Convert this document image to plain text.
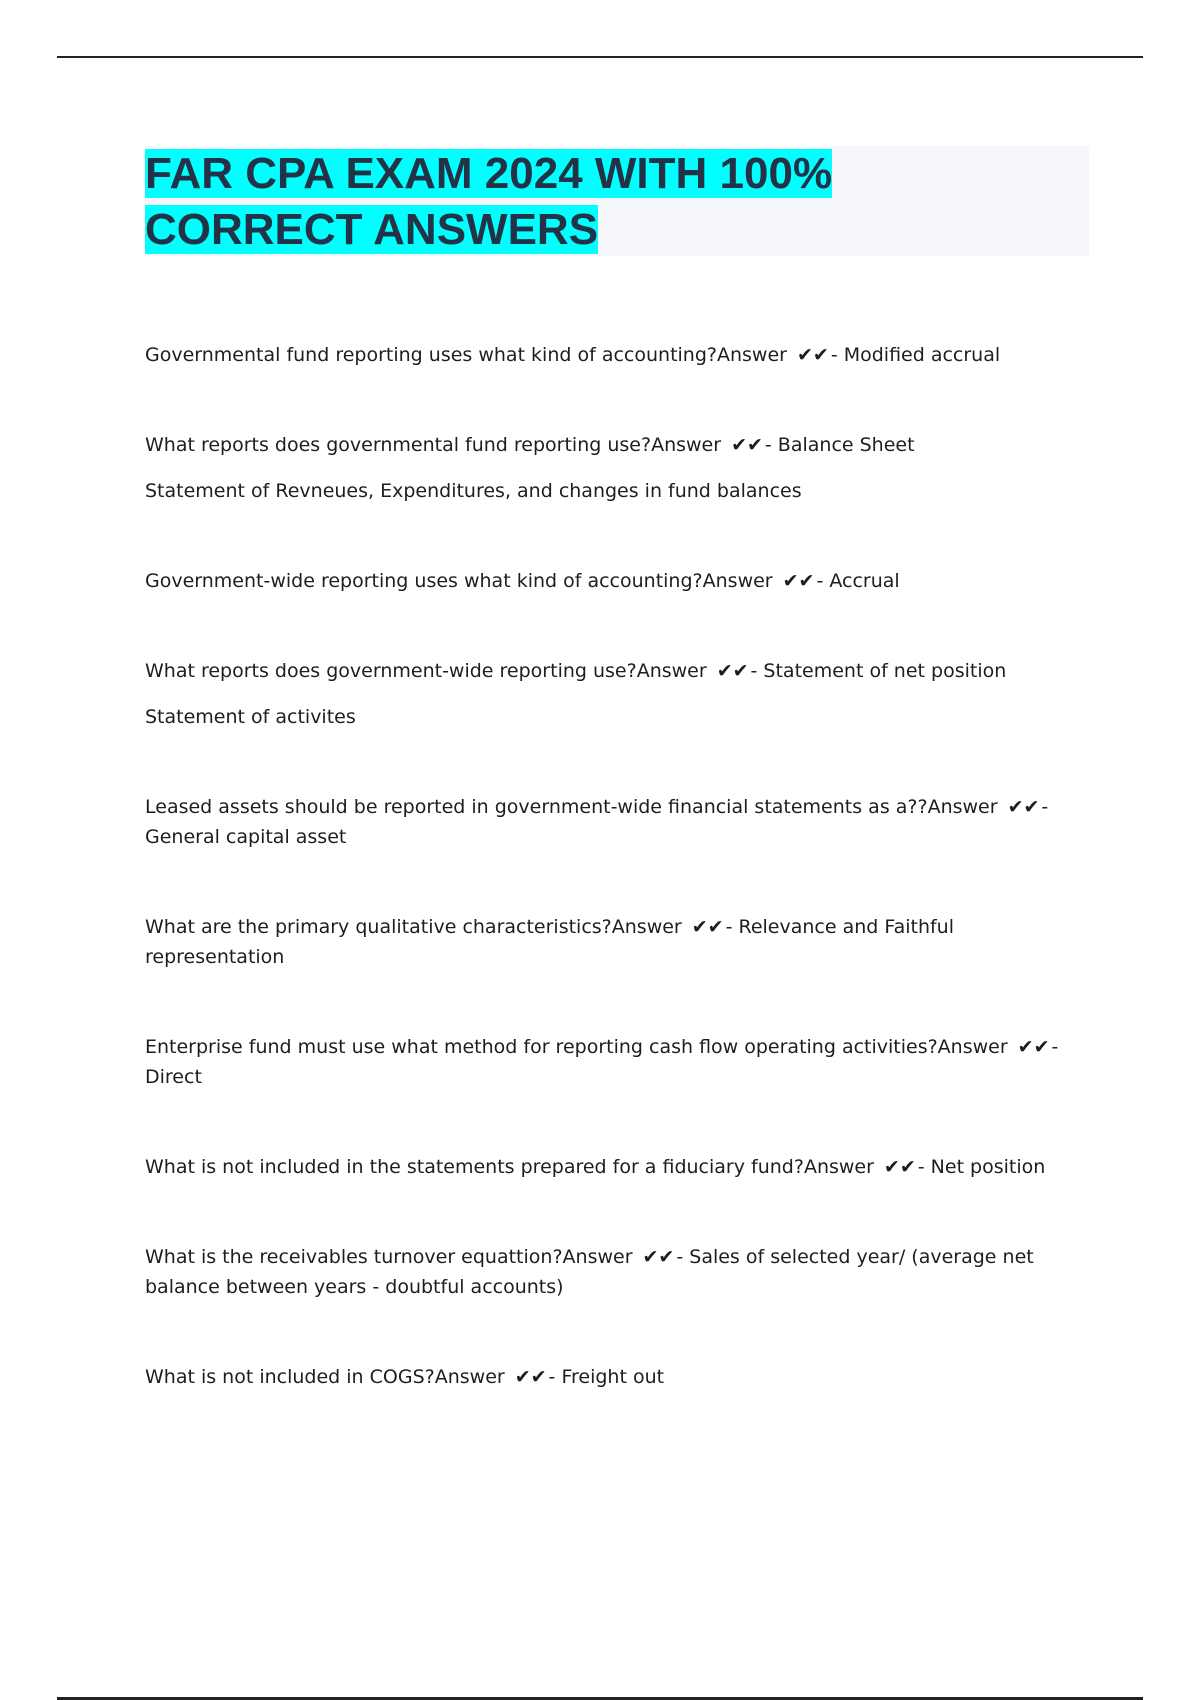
FAR CPA EXAM 2024 WITH 100%
CORRECT ANSWERS

Governmental fund reporting uses what kind of accounting?Answer ✔✔ - Modified accrual

What reports does governmental fund reporting use?Answer ✔✔ - Balance Sheet

Statement of Revneues, Expenditures, and changes in fund balances

Government-wide reporting uses what kind of accounting?Answer ✔✔ - Accrual

What reports does government-wide reporting use?Answer ✔✔ - Statement of net position

Statement of activites

Leased assets should be reported in government-wide financial statements as a??Answer ✔✔ - General capital asset

What are the primary qualitative characteristics?Answer ✔✔ - Relevance and Faithful representation

Enterprise fund must use what method for reporting cash flow operating activities?Answer ✔✔ - Direct

What is not included in the statements prepared for a fiduciary fund?Answer ✔✔ - Net position

What is the receivables turnover equattion?Answer ✔✔ - Sales of selected year/ (average net balance between years - doubtful accounts)

What is not included in COGS?Answer ✔✔ - Freight out
